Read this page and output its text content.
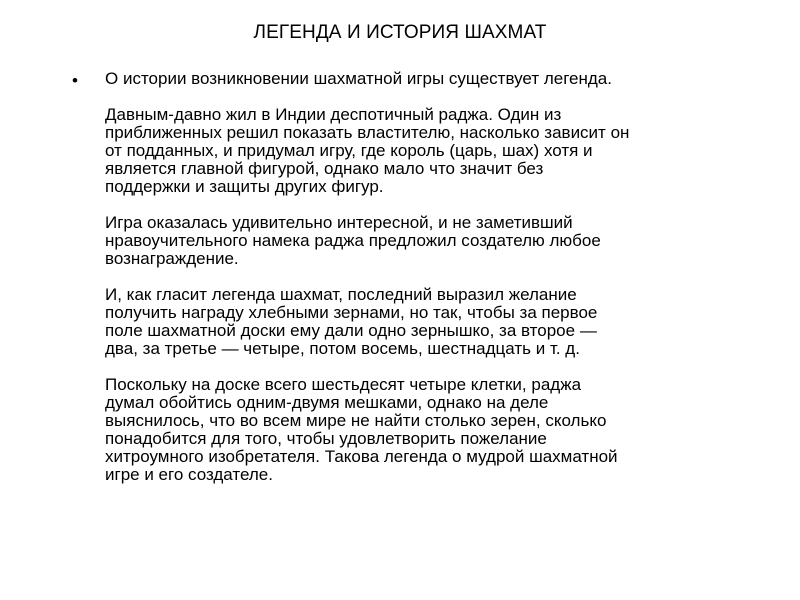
ЛЕГЕНДА И ИСТОРИЯ ШАХМАТ
• О истории возникновении шахматной игры существует легенда.

Давным-давно жил в Индии деспотичный раджа. Один из
приближенных решил показать властителю, насколько зависит он
от подданных, и придумал игру, где король (царь, шах) хотя и
является главной фигурой, однако мало что значит без
поддержки и защиты других фигур.

Игра оказалась удивительно интересной, и не заметивший
нравоучительного намека раджа предложил создателю любое
вознаграждение.

И, как гласит легенда шахмат, последний выразил желание
получить награду хлебными зернами, но так, чтобы за первое
поле шахматной доски ему дали одно зернышко, за второе —
два, за третье — четыре, потом восемь, шестнадцать и т. д.

Поскольку на доске всего шестьдесят четыре клетки, раджа
думал обойтись одним-двумя мешками, однако на деле
выяснилось, что во всем мире не найти столько зерен, сколько
понадобится для того, чтобы удовлетворить пожелание
хитроумного изобретателя. Такова легенда о мудрой шахматной
игре и его создателе.
